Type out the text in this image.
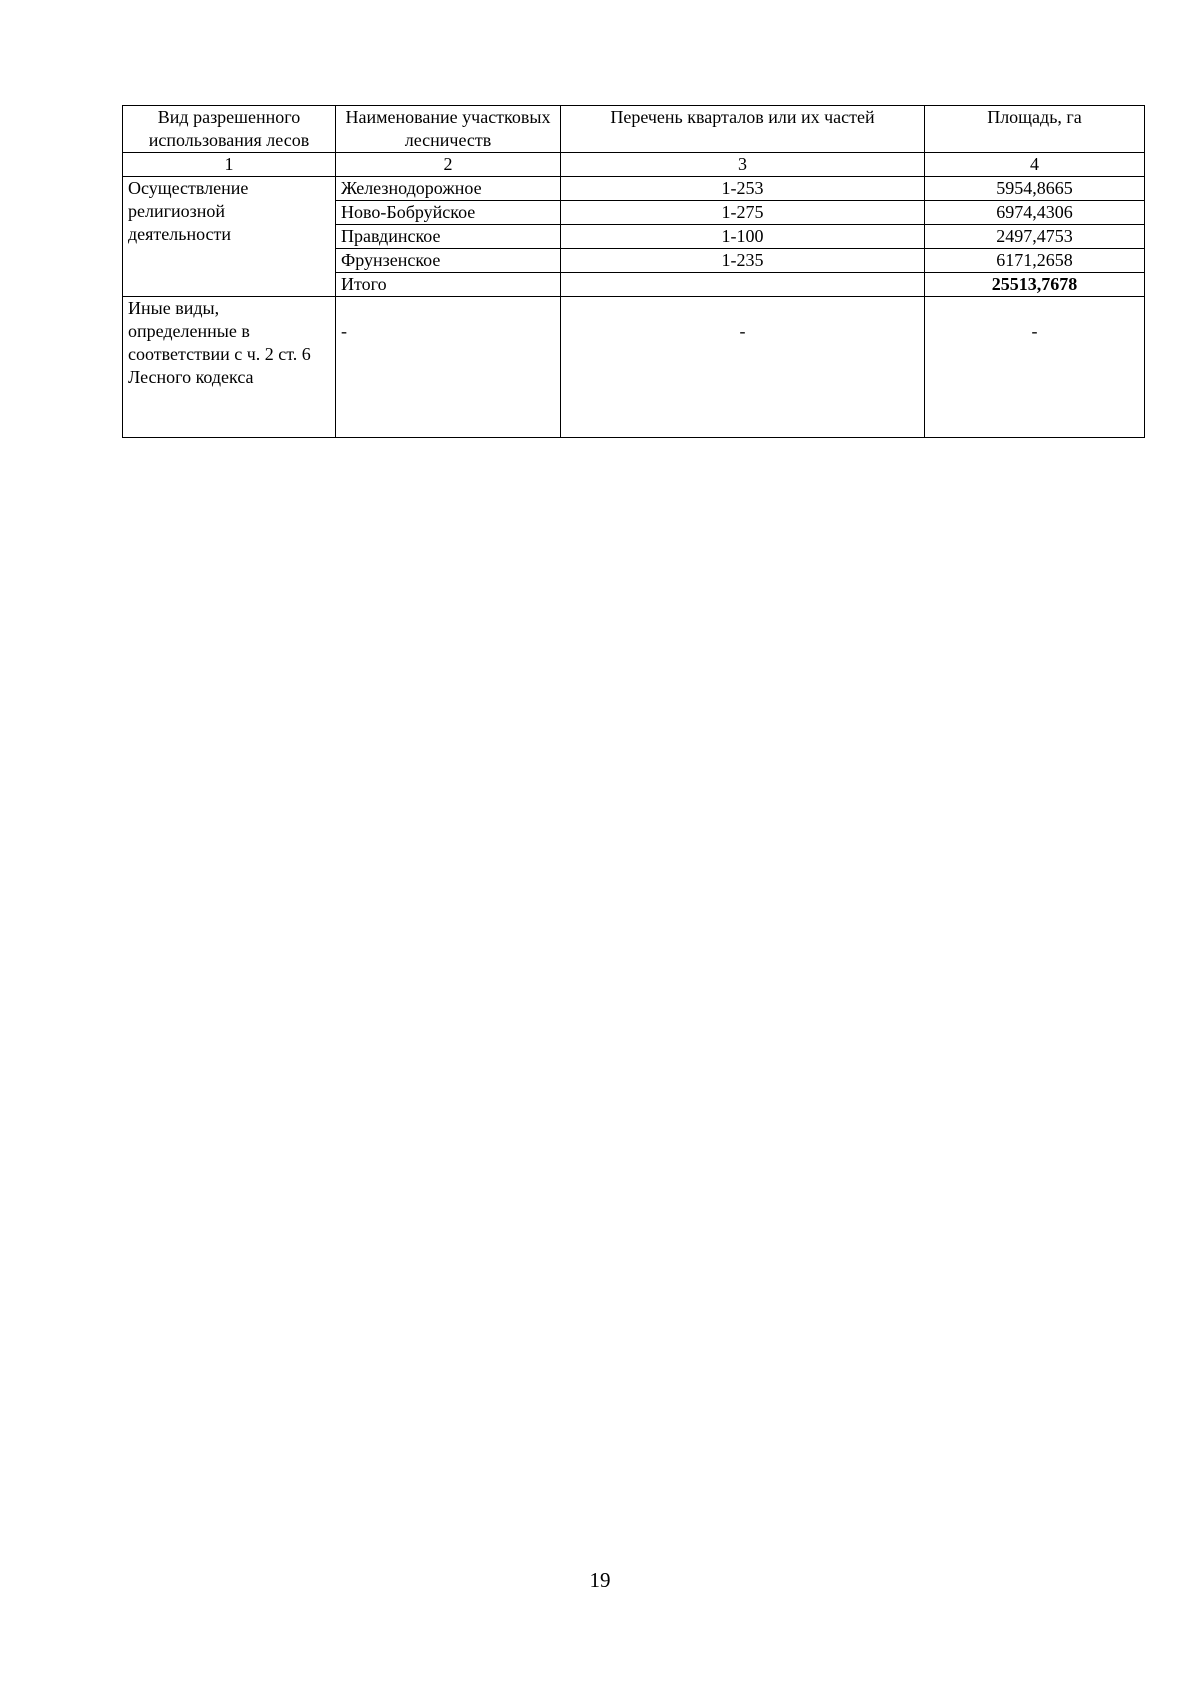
Вид разрешенного использования лесов	Наименование участковых лесничеств	Перечень кварталов или их частей	Площадь, га
1	2	3	4
Осуществление религиозной деятельности	Железнодорожное	1-253	5954,8665
	Ново-Бобруйское	1-275	6974,4306
	Правдинское	1-100	2497,4753
	Фрунзенское	1-235	6171,2658
	Итого		25513,7678
Иные виды, определенные в соответствии с ч. 2 ст. 6 Лесного кодекса	-	-	-
19
